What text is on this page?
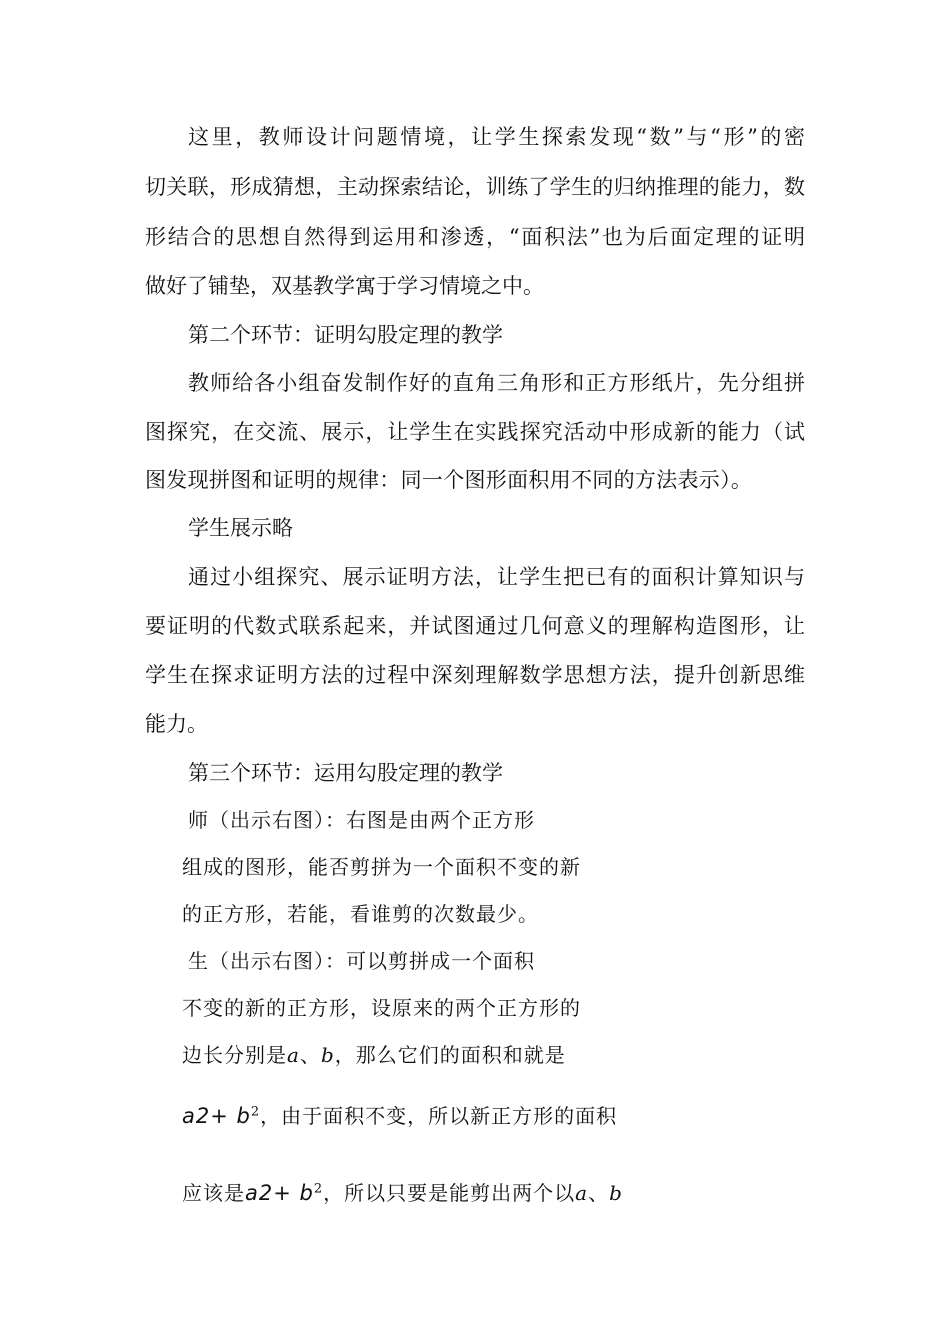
这里，教师设计问题情境，让学生探索发现“数”与“形”的密
切关联，形成猜想，主动探索结论，训练了学生的归纳推理的能力，数
形结合的思想自然得到运用和渗透，“面积法”也为后面定理的证明
做好了铺垫，双基教学寓于学习情境之中。
第二个环节：证明勾股定理的教学
教师给各小组奋发制作好的直角三角形和正方形纸片，先分组拼
图探究，在交流、展示，让学生在实践探究活动中形成新的能力（试
图发现拼图和证明的规律：同一个图形面积用不同的方法表示）。
学生展示略
通过小组探究、展示证明方法，让学生把已有的面积计算知识与
要证明的代数式联系起来，并试图通过几何意义的理解构造图形，让
学生在探求证明方法的过程中深刻理解数学思想方法，提升创新思维
能力。
第三个环节：运用勾股定理的教学
师（出示右图）：右图是由两个正方形
组成的图形，能否剪拼为一个面积不变的新
的正方形，若能，看谁剪的次数最少。
生（出示右图）：可以剪拼成一个面积
不变的新的正方形，设原来的两个正方形的
边长分别是a、b，那么它们的面积和就是
$a2+ b^2$，由于面积不变，所以新正方形的面积
应该是$a2+ b^2$，所以只要是能剪出两个以a、b
